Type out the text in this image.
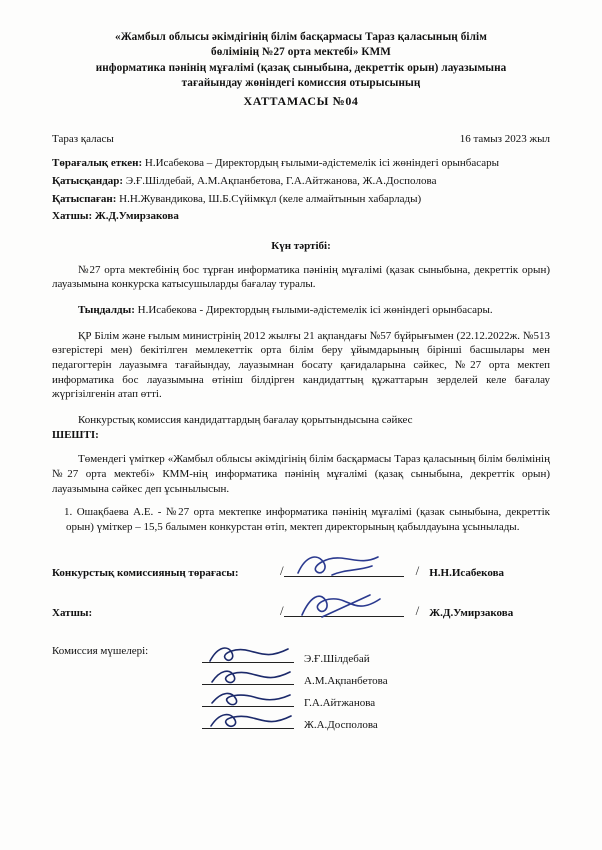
«Жамбыл облысы әкімдігінің білім басқармасы Тараз қаласының білім
бөлімінің №27 орта мектебі» КММ
информатика пәнінің мұғалімі (қазақ сыныбына, декреттік орын) лауазымына
тағайындау жөніндегі комиссия отырысының
ХАТТАМАСЫ №04
Тараз қаласы	16 тамыз 2023 жыл
Төрағалық еткен: Н.Исабекова – Директордың ғылыми-әдістемелік ісі жөніндегі орынбасары
Қатысқандар: Э.Ғ.Шілдебай, А.М.Ақпанбетова, Г.А.Айтжанова, Ж.А.Доспoлова
Қатыспаған: Н.Н.Жувандикова, Ш.Б.Сүйімкұл (келе алмайтынын хабарлады)
Хатшы: Ж.Д.Умирзакова
Күн тәртібі:
№27 орта мектебінің бос тұрған информатика пәнінің мұғалімі (қазак сыныбына, декреттік орын) лауазымына конкурска катысушыларды бағалау туралы.
Тыңдалды: Н.Исабекова - Директордың ғылыми-әдістемелік ісі жөніндегі орынбасары.
ҚР Білім және ғылым министрінің 2012 жылғы 21 ақпандағы №57 бұйрығымен (22.12.2022ж. №513 өзгерістері мен) бекітілген мемлекеттік орта білім беру ұйымдарының бірінші басшылары мен педагогтерін лауазымға тағайындау, лауазымнан босату қағидаларына сәйкес, №27 орта мектеп информатика бос лауазымына өтініш білдірген кандидаттың құжаттарын зерделей келе бағалау жүргізілгенін атап өтті.
Конкурстық комиссия кандидаттардың бағалау қорытындысына сәйкес
ШЕШТІ:
Төмендегі үміткер «Жамбыл облысы әкімдігінің білім басқармасы Тараз қаласының білім бөлімінің №27 орта мектебі» КММ-нің информатика пәнінің мұғалімі (қазақ сыныбына, декреттік орын) лауазымына сәйкес деп ұсынылысын.
1. Ошақбаева А.Е. - №27 орта мектепке информатика пәнінің мұғалімі (қазак сыныбына, декреттік орын) үміткер – 15,5 балымен конкурстан өтіп, мектеп директорының қабылдауына ұсынылады.
Конкурстық комиссияның төрағасы:	/	/ Н.Н.Исабекова
Хатшы:	/	/ Ж.Д.Умирзакова
Комиссия мүшелері:
Э.Ғ.Шілдебай
А.М.Ақпанбетова
Г.А.Айтжанова
Ж.А.Доспoлова
